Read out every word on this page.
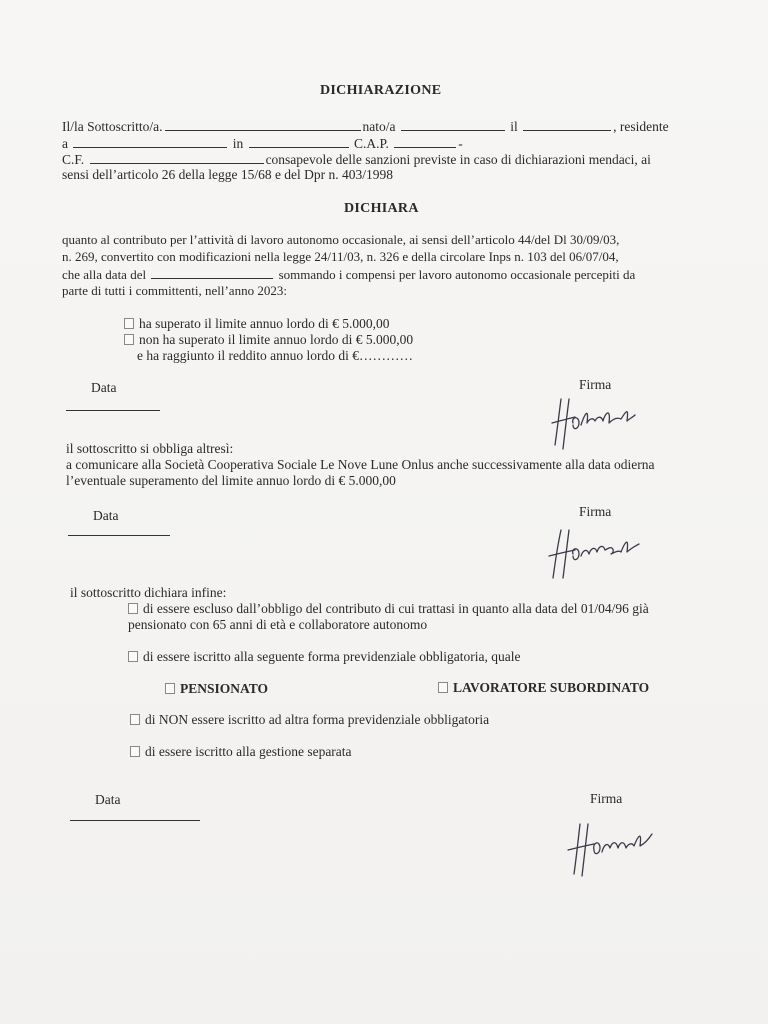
DICHIARAZIONE
Il/la Sottoscritto/a.	nato/a	il	, residente
a	in	C.A.P.	-
C.F.	consapevole delle sanzioni previste in caso di dichiarazioni mendaci, ai
sensi dell’articolo 26 della legge 15/68 e del Dpr n. 403/1998
DICHIARA
quanto al contributo per l’attività di lavoro autonomo occasionale, ai sensi dell’articolo 44/del Dl 30/09/03,
n. 269, convertito con modificazioni nella legge 24/11/03, n. 326 e della circolare Inps n. 103 del 06/07/04,
che alla data del	sommando i compensi per lavoro autonomo occasionale percepiti da
parte di tutti i committenti, nell’anno 2023:
ha superato il limite annuo lordo di € 5.000,00
non ha superato il limite annuo lordo di € 5.000,00
e ha raggiunto il reddito annuo lordo di €…………
Data	Firma
il sottoscritto si obbliga altresì:
a comunicare alla Società Cooperativa Sociale Le Nove Lune Onlus anche successivamente alla data odierna
l’eventuale superamento del limite annuo lordo di € 5.000,00
Data	Firma
il sottoscritto dichiara infine:
di essere escluso dall’obbligo del contributo di cui trattasi in quanto alla data del 01/04/96 già
pensionato con 65 anni di età e collaboratore autonomo
di essere iscritto alla seguente forma previdenziale obbligatoria, quale
PENSIONATO	LAVORATORE SUBORDINATO
di NON essere iscritto ad altra forma previdenziale obbligatoria
di essere iscritto alla gestione separata
Data	Firma
